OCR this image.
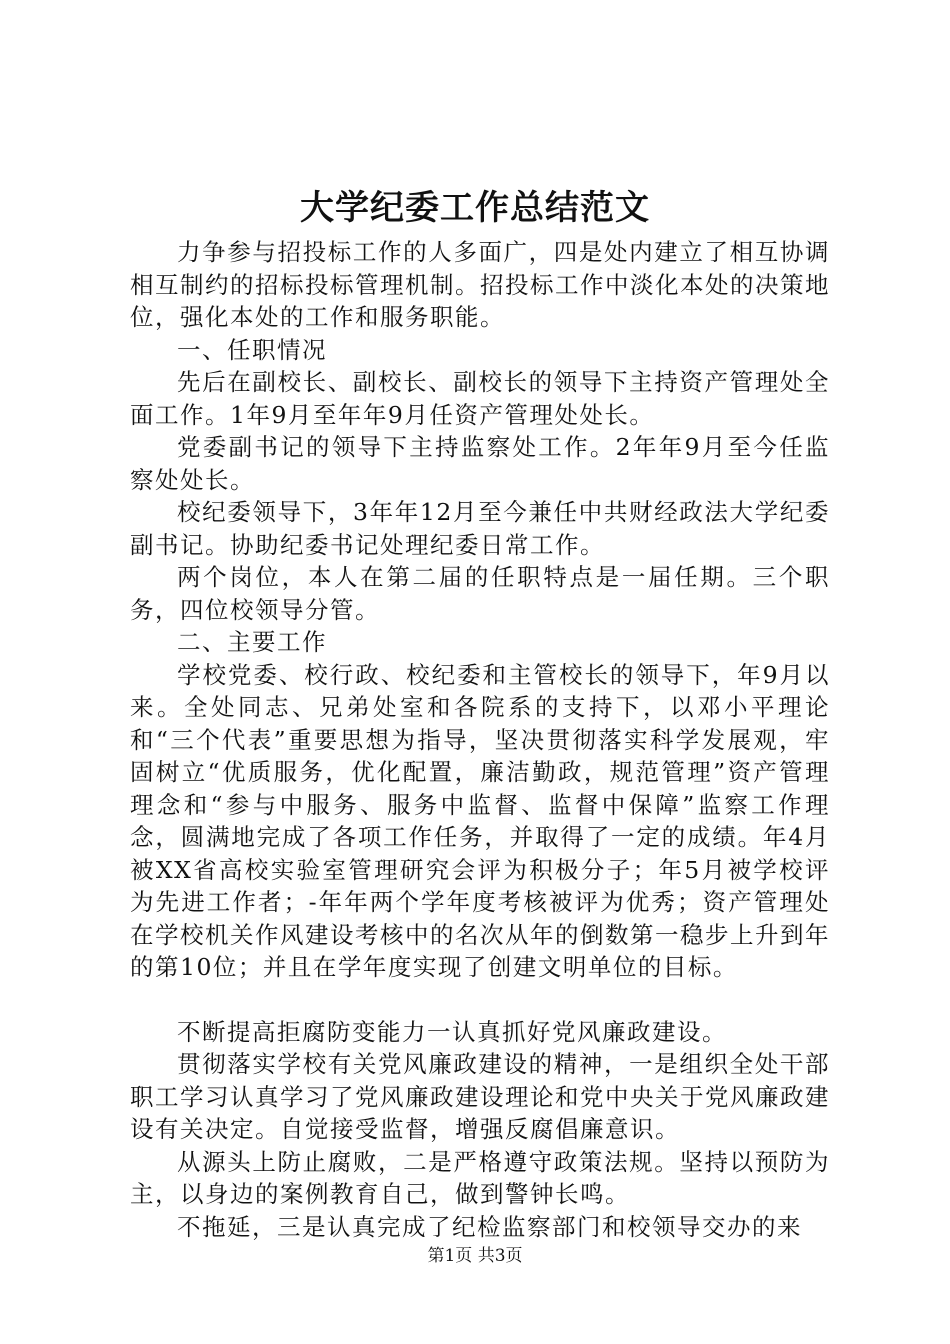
大学纪委工作总结范文

力争参与招投标工作的人多面广，四是处内建立了相互协调相互制约的招标投标管理机制。招投标工作中淡化本处的决策地位，强化本处的工作和服务职能。

一、任职情况

先后在副校长、副校长、副校长的领导下主持资产管理处全面工作。1年9月至年年9月任资产管理处处长。

党委副书记的领导下主持监察处工作。2年年9月至今任监察处处长。

校纪委领导下，3年年12月至今兼任中共财经政法大学纪委副书记。协助纪委书记处理纪委日常工作。

两个岗位，本人在第二届的任职特点是一届任期。三个职务，四位校领导分管。

二、主要工作

学校党委、校行政、校纪委和主管校长的领导下，年9月以来。全处同志、兄弟处室和各院系的支持下，以邓小平理论和“三个代表”重要思想为指导，坚决贯彻落实科学发展观，牢固树立“优质服务，优化配置，廉洁勤政，规范管理”资产管理理念和“参与中服务、服务中监督、监督中保障”监察工作理念，圆满地完成了各项工作任务，并取得了一定的成绩。年4月被XX省高校实验室管理研究会评为积极分子；年5月被学校评为先进工作者；-年年两个学年度考核被评为优秀；资产管理处在学校机关作风建设考核中的名次从年的倒数第一稳步上升到年的第10位；并且在学年度实现了创建文明单位的目标。

不断提高拒腐防变能力一认真抓好党风廉政建设。

贯彻落实学校有关党风廉政建设的精神，一是组织全处干部职工学习认真学习了党风廉政建设理论和党中央关于党风廉政建设有关决定。自觉接受监督，增强反腐倡廉意识。

从源头上防止腐败，二是严格遵守政策法规。坚持以预防为主，以身边的案例教育自己，做到警钟长鸣。

不拖延，三是认真完成了纪检监察部门和校领导交办的来

第1页 共3页
